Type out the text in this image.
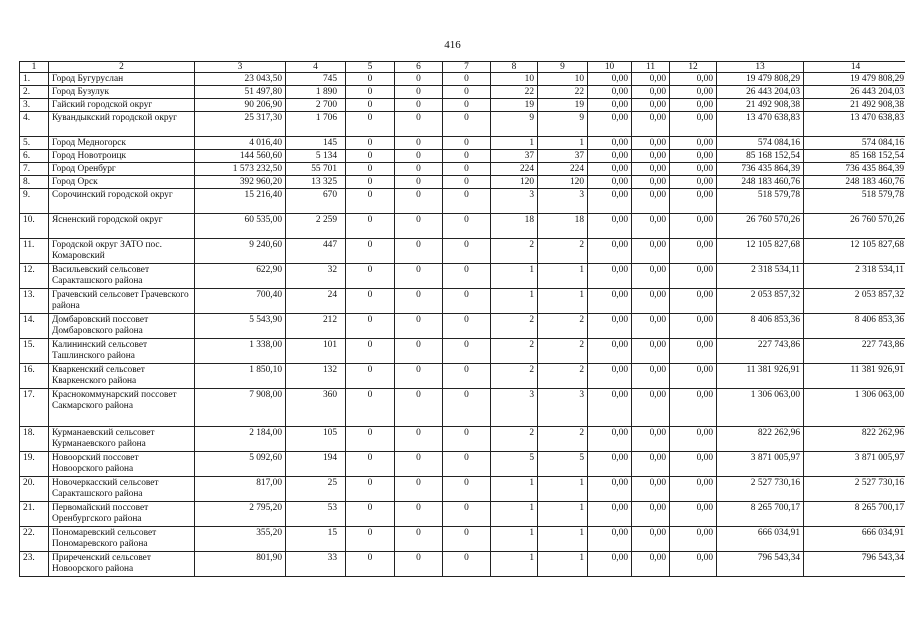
416
1	2	3	4	5	6	7	8	9	10	11	12	13	14
1.	Город Бугуруслан	23 043,50	745	0	0	0	10	10	0,00	0,00	0,00	19 479 808,29	19 479 808,29
2.	Город Бузулук	51 497,80	1 890	0	0	0	22	22	0,00	0,00	0,00	26 443 204,03	26 443 204,03
3.	Гайский городской округ	90 206,90	2 700	0	0	0	19	19	0,00	0,00	0,00	21 492 908,38	21 492 908,38
4.	Кувандыкский городской округ	25 317,30	1 706	0	0	0	9	9	0,00	0,00	0,00	13 470 638,83	13 470 638,83
5.	Город Медногорск	4 016,40	145	0	0	0	1	1	0,00	0,00	0,00	574 084,16	574 084,16
6.	Город Новотроицк	144 560,60	5 134	0	0	0	37	37	0,00	0,00	0,00	85 168 152,54	85 168 152,54
7.	Город Оренбург	1 573 232,50	55 701	0	0	0	224	224	0,00	0,00	0,00	736 435 864,39	736 435 864,39
8.	Город Орск	392 960,20	13 325	0	0	0	120	120	0,00	0,00	0,00	248 183 460,76	248 183 460,76
9.	Сорочинский городской округ	15 216,40	670	0	0	0	3	3	0,00	0,00	0,00	518 579,78	518 579,78
10.	Ясненский городской округ	60 535,00	2 259	0	0	0	18	18	0,00	0,00	0,00	26 760 570,26	26 760 570,26
11.	Городской округ ЗАТО пос. Комаровский	9 240,60	447	0	0	0	2	2	0,00	0,00	0,00	12 105 827,68	12 105 827,68
12.	Васильевский сельсовет Саракташского района	622,90	32	0	0	0	1	1	0,00	0,00	0,00	2 318 534,11	2 318 534,11
13.	Грачевский сельсовет Грачевского района	700,40	24	0	0	0	1	1	0,00	0,00	0,00	2 053 857,32	2 053 857,32
14.	Домбаровский поссовет Домбаровского района	5 543,90	212	0	0	0	2	2	0,00	0,00	0,00	8 406 853,36	8 406 853,36
15.	Калининский сельсовет Ташлинского района	1 338,00	101	0	0	0	2	2	0,00	0,00	0,00	227 743,86	227 743,86
16.	Кваркенский сельсовет Кваркенского района	1 850,10	132	0	0	0	2	2	0,00	0,00	0,00	11 381 926,91	11 381 926,91
17.	Краснокоммунарский поссовет Сакмарского района	7 908,00	360	0	0	0	3	3	0,00	0,00	0,00	1 306 063,00	1 306 063,00
18.	Курманаевский сельсовет Курманаевского района	2 184,00	105	0	0	0	2	2	0,00	0,00	0,00	822 262,96	822 262,96
19.	Новоорский поссовет Новоорского района	5 092,60	194	0	0	0	5	5	0,00	0,00	0,00	3 871 005,97	3 871 005,97
20.	Новочеркасский сельсовет Саракташского района	817,00	25	0	0	0	1	1	0,00	0,00	0,00	2 527 730,16	2 527 730,16
21.	Первомайский поссовет Оренбургского района	2 795,20	53	0	0	0	1	1	0,00	0,00	0,00	8 265 700,17	8 265 700,17
22.	Пономаревский сельсовет Пономаревского района	355,20	15	0	0	0	1	1	0,00	0,00	0,00	666 034,91	666 034,91
23.	Приреченский сельсовет Новоорского района	801,90	33	0	0	0	1	1	0,00	0,00	0,00	796 543,34	796 543,34
